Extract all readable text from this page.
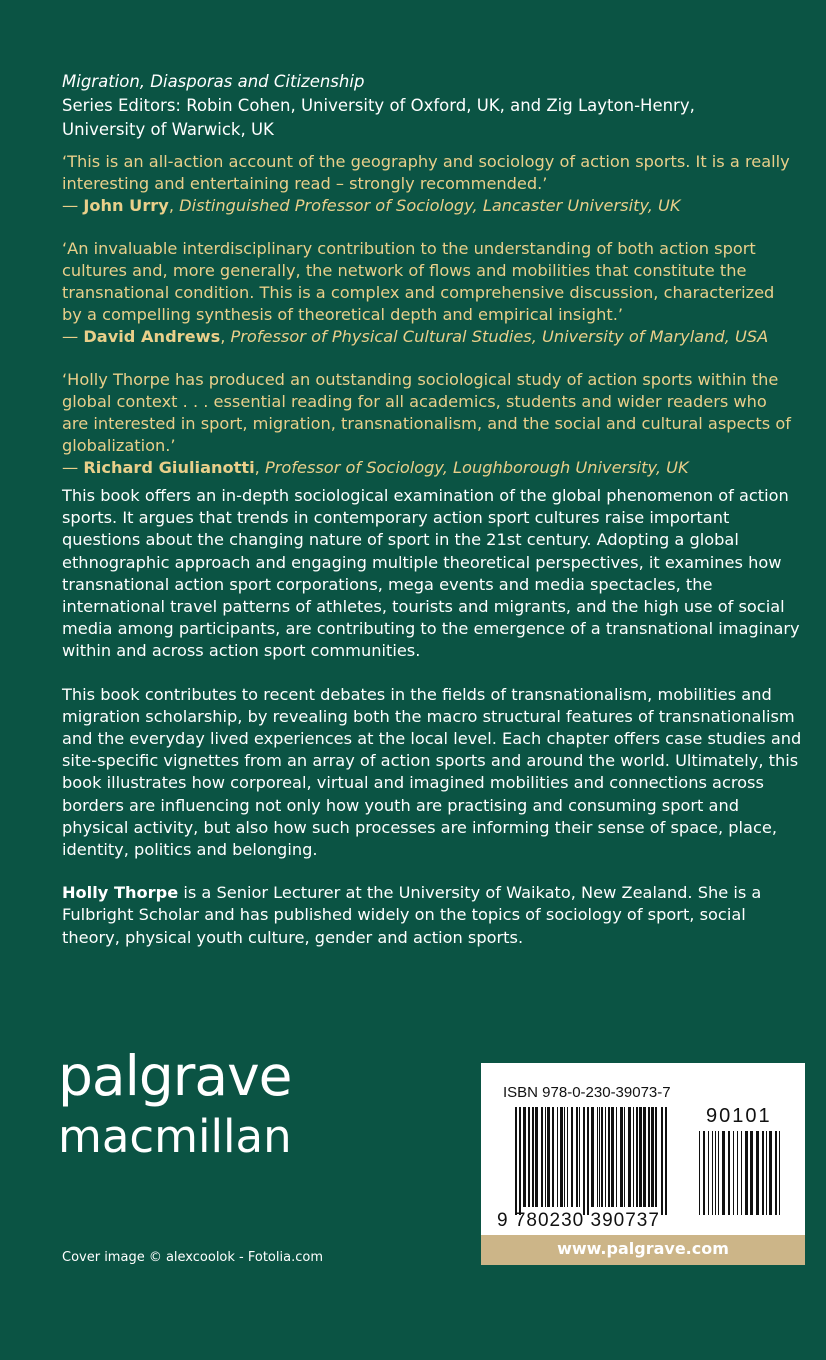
Migration, Diasporas and Citizenship
Series Editors: Robin Cohen, University of Oxford, UK, and Zig Layton-Henry, University of Warwick, UK

‘This is an all-action account of the geography and sociology of action sports. It is a really interesting and entertaining read – strongly recommended.’

— John Urry, Distinguished Professor of Sociology, Lancaster University, UK

‘An invaluable interdisciplinary contribution to the understanding of both action sport cultures and, more generally, the network of flows and mobilities that constitute the transnational condition. This is a complex and comprehensive discussion, characterized by a compelling synthesis of theoretical depth and empirical insight.’

— David Andrews, Professor of Physical Cultural Studies, University of Maryland, USA

‘Holly Thorpe has produced an outstanding sociological study of action sports within the global context . . . essential reading for all academics, students and wider readers who are interested in sport, migration, transnationalism, and the social and cultural aspects of globalization.’

— Richard Giulianotti, Professor of Sociology, Loughborough University, UK

This book offers an in-depth sociological examination of the global phenomenon of action sports. It argues that trends in contemporary action sport cultures raise important questions about the changing nature of sport in the 21st century. Adopting a global ethnographic approach and engaging multiple theoretical perspectives, it examines how transnational action sport corporations, mega events and media spectacles, the international travel patterns of athletes, tourists and migrants, and the high use of social media among participants, are contributing to the emergence of a transnational imaginary within and across action sport communities.

This book contributes to recent debates in the fields of transnationalism, mobilities and migration scholarship, by revealing both the macro structural features of transnationalism and the everyday lived experiences at the local level. Each chapter offers case studies and site-specific vignettes from an array of action sports and around the world. Ultimately, this book illustrates how corporeal, virtual and imagined mobilities and connections across borders are influencing not only how youth are practising and consuming sport and physical activity, but also how such processes are informing their sense of space, place, identity, politics and belonging.

Holly Thorpe is a Senior Lecturer at the University of Waikato, New Zealand. She is a Fulbright Scholar and has published widely on the topics of sociology of sport, social theory, physical youth culture, gender and action sports.

palgrave
macmillan
Cover image © alexcoolok - Fotolia.com
ISBN 978-0-230-39073-7
90101
9 780230 390737
www.palgrave.com
